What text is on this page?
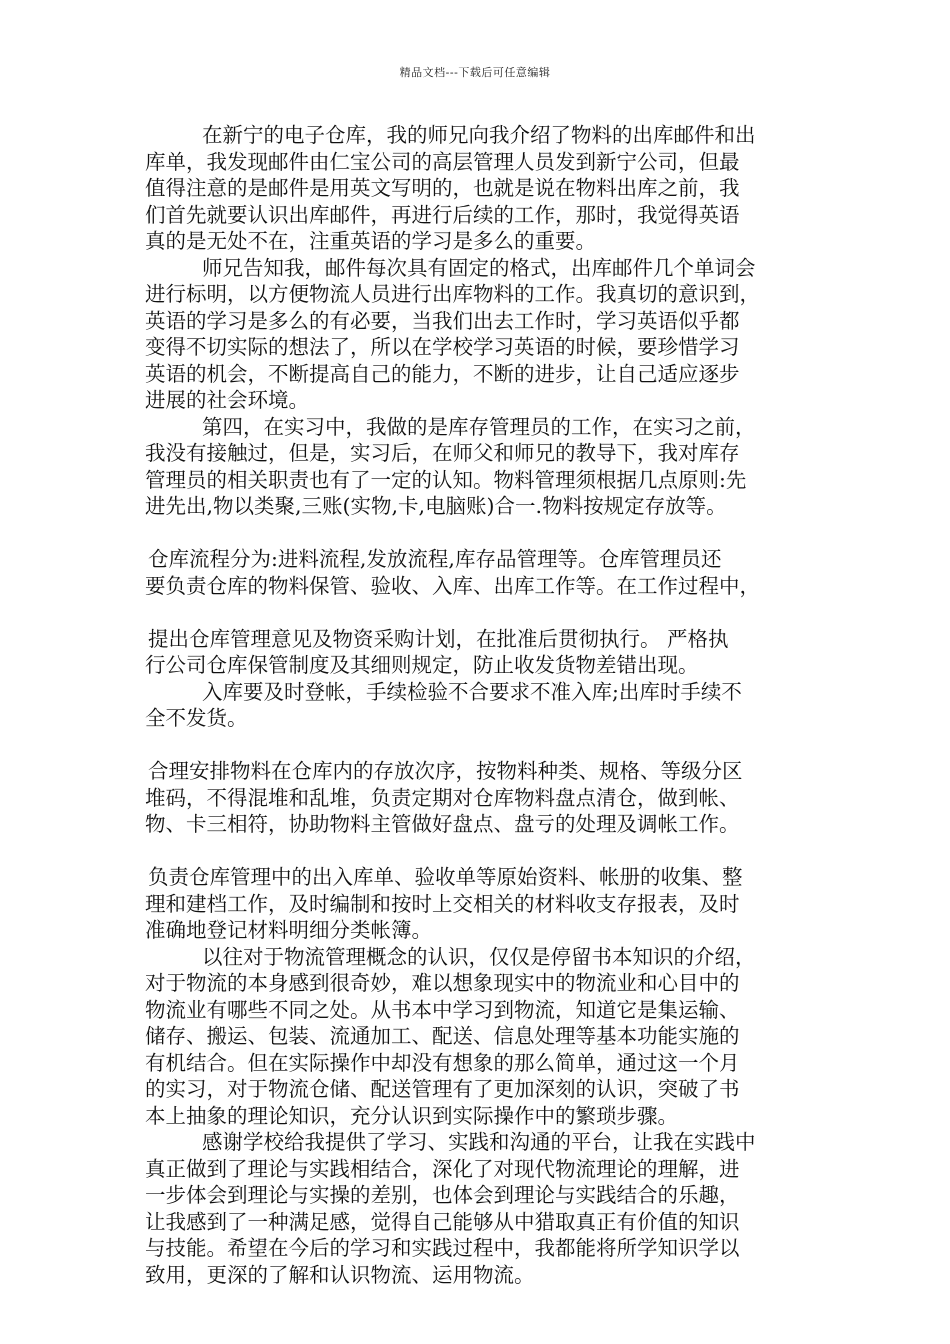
精品文档---下载后可任意编辑
在新宁的电子仓库，我的师兄向我介绍了物料的出库邮件和出
库单，我发现邮件由仁宝公司的高层管理人员发到新宁公司，但最
值得注意的是邮件是用英文写明的，也就是说在物料出库之前，我
们首先就要认识出库邮件，再进行后续的工作，那时，我觉得英语
真的是无处不在，注重英语的学习是多么的重要。
师兄告知我，邮件每次具有固定的格式，出库邮件几个单词会
进行标明，以方便物流人员进行出库物料的工作。我真切的意识到，
英语的学习是多么的有必要，当我们出去工作时，学习英语似乎都
变得不切实际的想法了，所以在学校学习英语的时候，要珍惜学习
英语的机会，不断提高自己的能力，不断的进步，让自己适应逐步
进展的社会环境。
第四，在实习中，我做的是库存管理员的工作，在实习之前，
我没有接触过，但是，实习后，在师父和师兄的教导下，我对库存
管理员的相关职责也有了一定的认知。物料管理须根据几点原则:先
进先出,物以类聚,三账(实物,卡,电脑账)合一.物料按规定存放等。
仓库流程分为:进料流程,发放流程,库存品管理等。仓库管理员还
要负责仓库的物料保管、验收、入库、出库工作等。在工作过程中，
提出仓库管理意见及物资采购计划，在批准后贯彻执行。 严格执
行公司仓库保管制度及其细则规定，防止收发货物差错出现。
入库要及时登帐，手续检验不合要求不准入库;出库时手续不
全不发货。
合理安排物料在仓库内的存放次序，按物料种类、规格、等级分区
堆码，不得混堆和乱堆，负责定期对仓库物料盘点清仓，做到帐、
物、卡三相符，协助物料主管做好盘点、盘亏的处理及调帐工作。
负责仓库管理中的出入库单、验收单等原始资料、帐册的收集、整
理和建档工作，及时编制和按时上交相关的材料收支存报表，及时
准确地登记材料明细分类帐簿。
以往对于物流管理概念的认识，仅仅是停留书本知识的介绍，
对于物流的本身感到很奇妙，难以想象现实中的物流业和心目中的
物流业有哪些不同之处。从书本中学习到物流，知道它是集运输、
储存、搬运、包装、流通加工、配送、信息处理等基本功能实施的
有机结合。但在实际操作中却没有想象的那么简单，通过这一个月
的实习，对于物流仓储、配送管理有了更加深刻的认识，突破了书
本上抽象的理论知识，充分认识到实际操作中的繁琐步骤。
感谢学校给我提供了学习、实践和沟通的平台，让我在实践中
真正做到了理论与实践相结合，深化了对现代物流理论的理解，进
一步体会到理论与实操的差别，也体会到理论与实践结合的乐趣，
让我感到了一种满足感，觉得自己能够从中猎取真正有价值的知识
与技能。希望在今后的学习和实践过程中，我都能将所学知识学以
致用，更深的了解和认识物流、运用物流。
